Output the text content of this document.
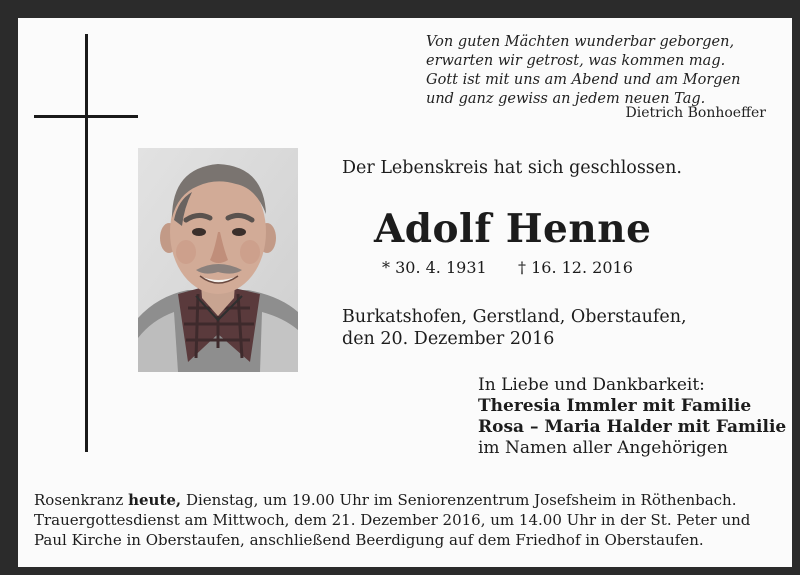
Von guten Mächten wunderbar geborgen,
erwarten wir getrost, was kommen mag.
Gott ist mit uns am Abend und am Morgen
und ganz gewiss an jedem neuen Tag.
Dietrich Bonhoeffer
Der Lebenskreis hat sich geschlossen.
Adolf Henne
* 30. 4. 1931 † 16. 12. 2016
Burkatshofen, Gerstland, Oberstaufen,
den 20. Dezember 2016
In Liebe und Dankbarkeit:
Theresia Immler mit Familie
Rosa – Maria Halder mit Familie
im Namen aller Angehörigen
Rosenkranz heute, Dienstag, um 19.00 Uhr im Seniorenzentrum Josefsheim in Röthenbach.
Trauergottesdienst am Mittwoch, dem 21. Dezember 2016, um 14.00 Uhr in der St. Peter und
Paul Kirche in Oberstaufen, anschließend Beerdigung auf dem Friedhof in Oberstaufen.
